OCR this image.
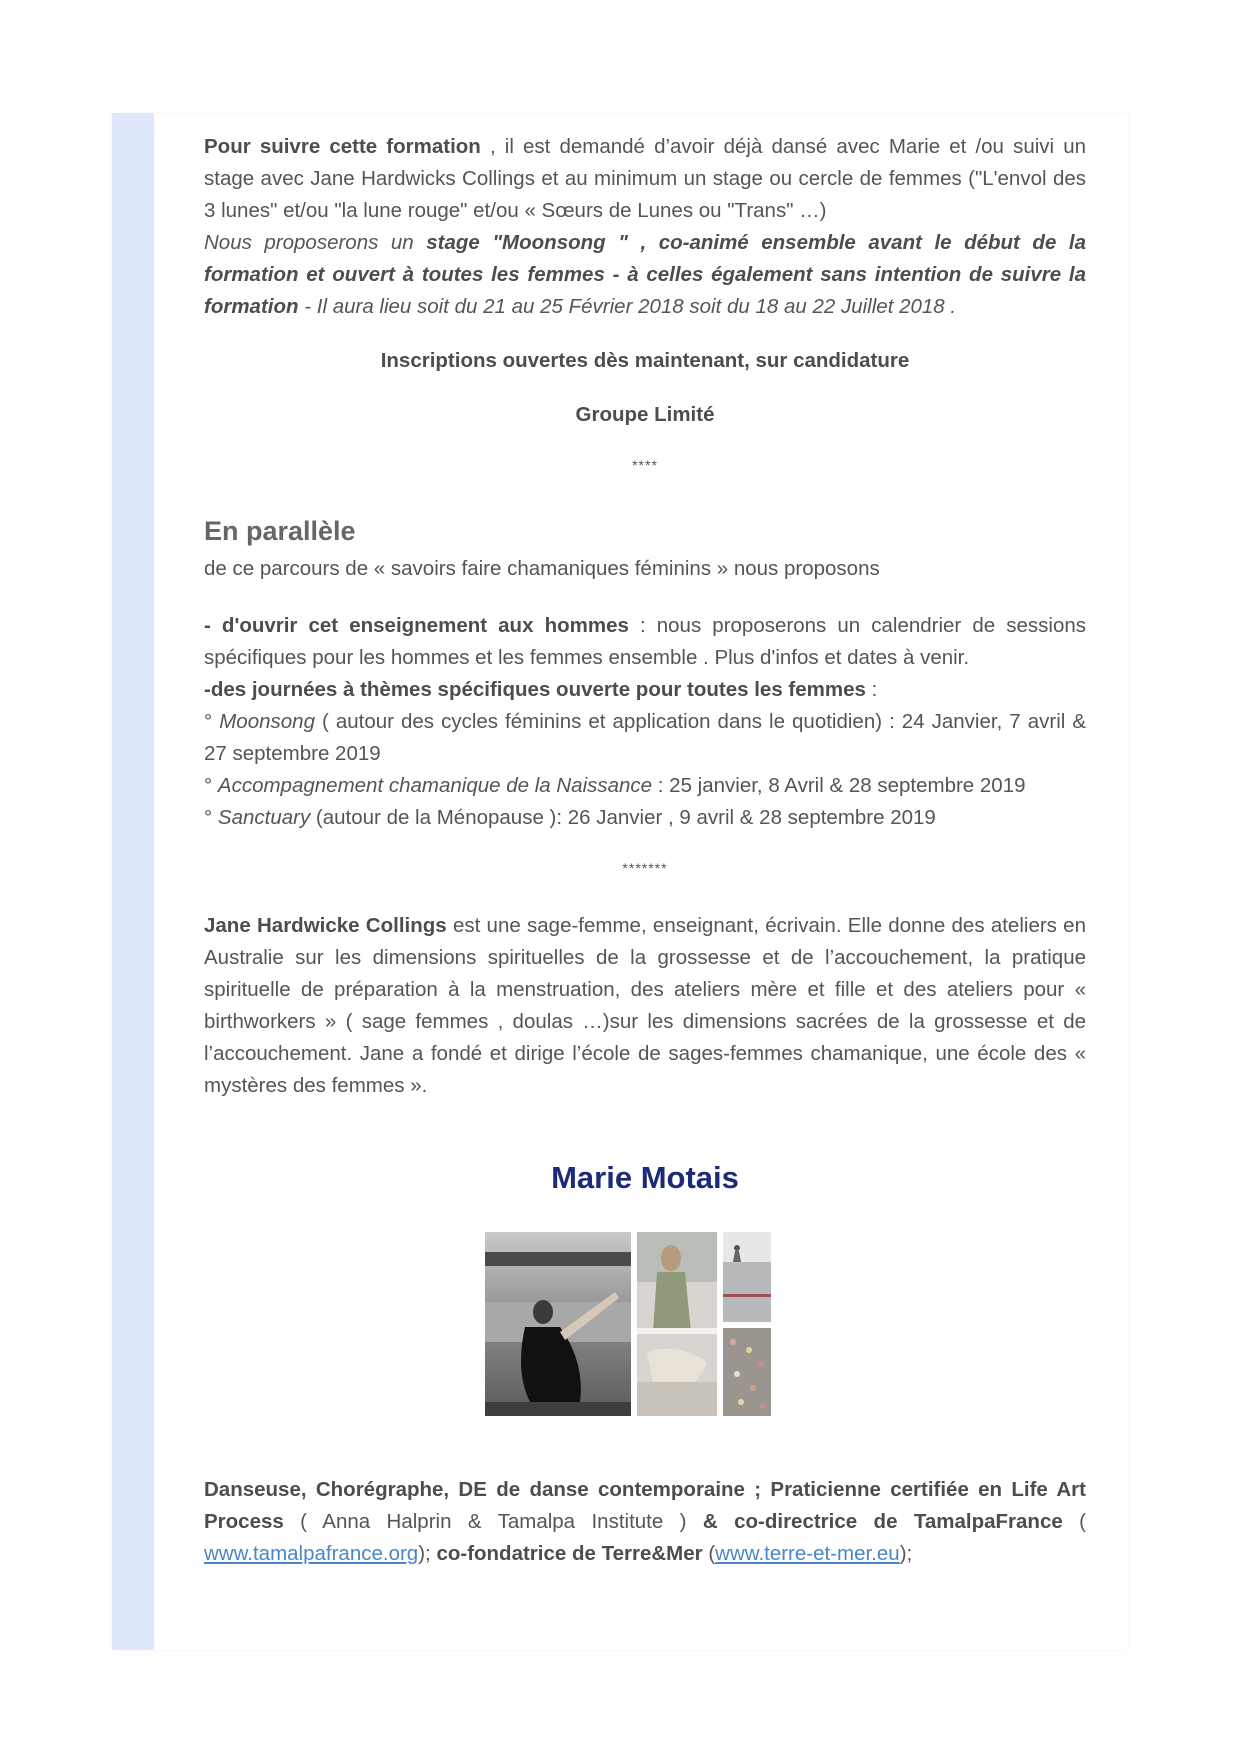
Pour suivre cette formation , il est demandé d’avoir déjà dansé avec Marie et /ou suivi un stage avec Jane Hardwicks Collings et au minimum un stage ou cercle de femmes ("L'envol des 3 lunes" et/ou "la lune rouge" et/ou « Sœurs de Lunes ou "Trans" …)
Nous proposerons un stage "Moonsong " , co-animé ensemble avant le début de la formation et ouvert à toutes les femmes - à celles également sans intention de suivre la formation - Il aura lieu soit du 21 au 25 Février 2018 soit du 18 au 22 Juillet 2018 .

Inscriptions ouvertes dès maintenant, sur candidature

Groupe Limité

****

En parallèle

de ce parcours de « savoirs faire chamaniques féminins » nous proposons

- d'ouvrir cet enseignement aux hommes : nous proposerons un calendrier de sessions spécifiques pour les hommes et les femmes ensemble . Plus d'infos et dates à venir.
-des journées à thèmes spécifiques ouverte pour toutes les femmes :
° Moonsong ( autour des cycles féminins et application dans le quotidien) : 24 Janvier, 7 avril & 27 septembre 2019
° Accompagnement chamanique de la Naissance : 25 janvier, 8 Avril & 28 septembre 2019
° Sanctuary (autour de la Ménopause ): 26 Janvier , 9 avril & 28 septembre 2019

*******

Jane Hardwicke Collings est une sage-femme, enseignant, écrivain. Elle donne des ateliers en Australie sur les dimensions spirituelles de la grossesse et de l’accouchement, la pratique spirituelle de préparation à la menstruation, des ateliers mère et fille et des ateliers pour « birthworkers » ( sage femmes , doulas …)sur les dimensions sacrées de la grossesse et de l’accouchement. Jane a fondé et dirige l’école de sages-femmes chamanique, une école des « mystères des femmes ».

Marie Motais

Danseuse, Chorégraphe, DE de danse contemporaine ; Praticienne certifiée en Life Art Process ( Anna Halprin & Tamalpa Institute ) & co-directrice de TamalpaFrance ( www.tamalpafrance.org); co-fondatrice de Terre&Mer (www.terre-et-mer.eu);
